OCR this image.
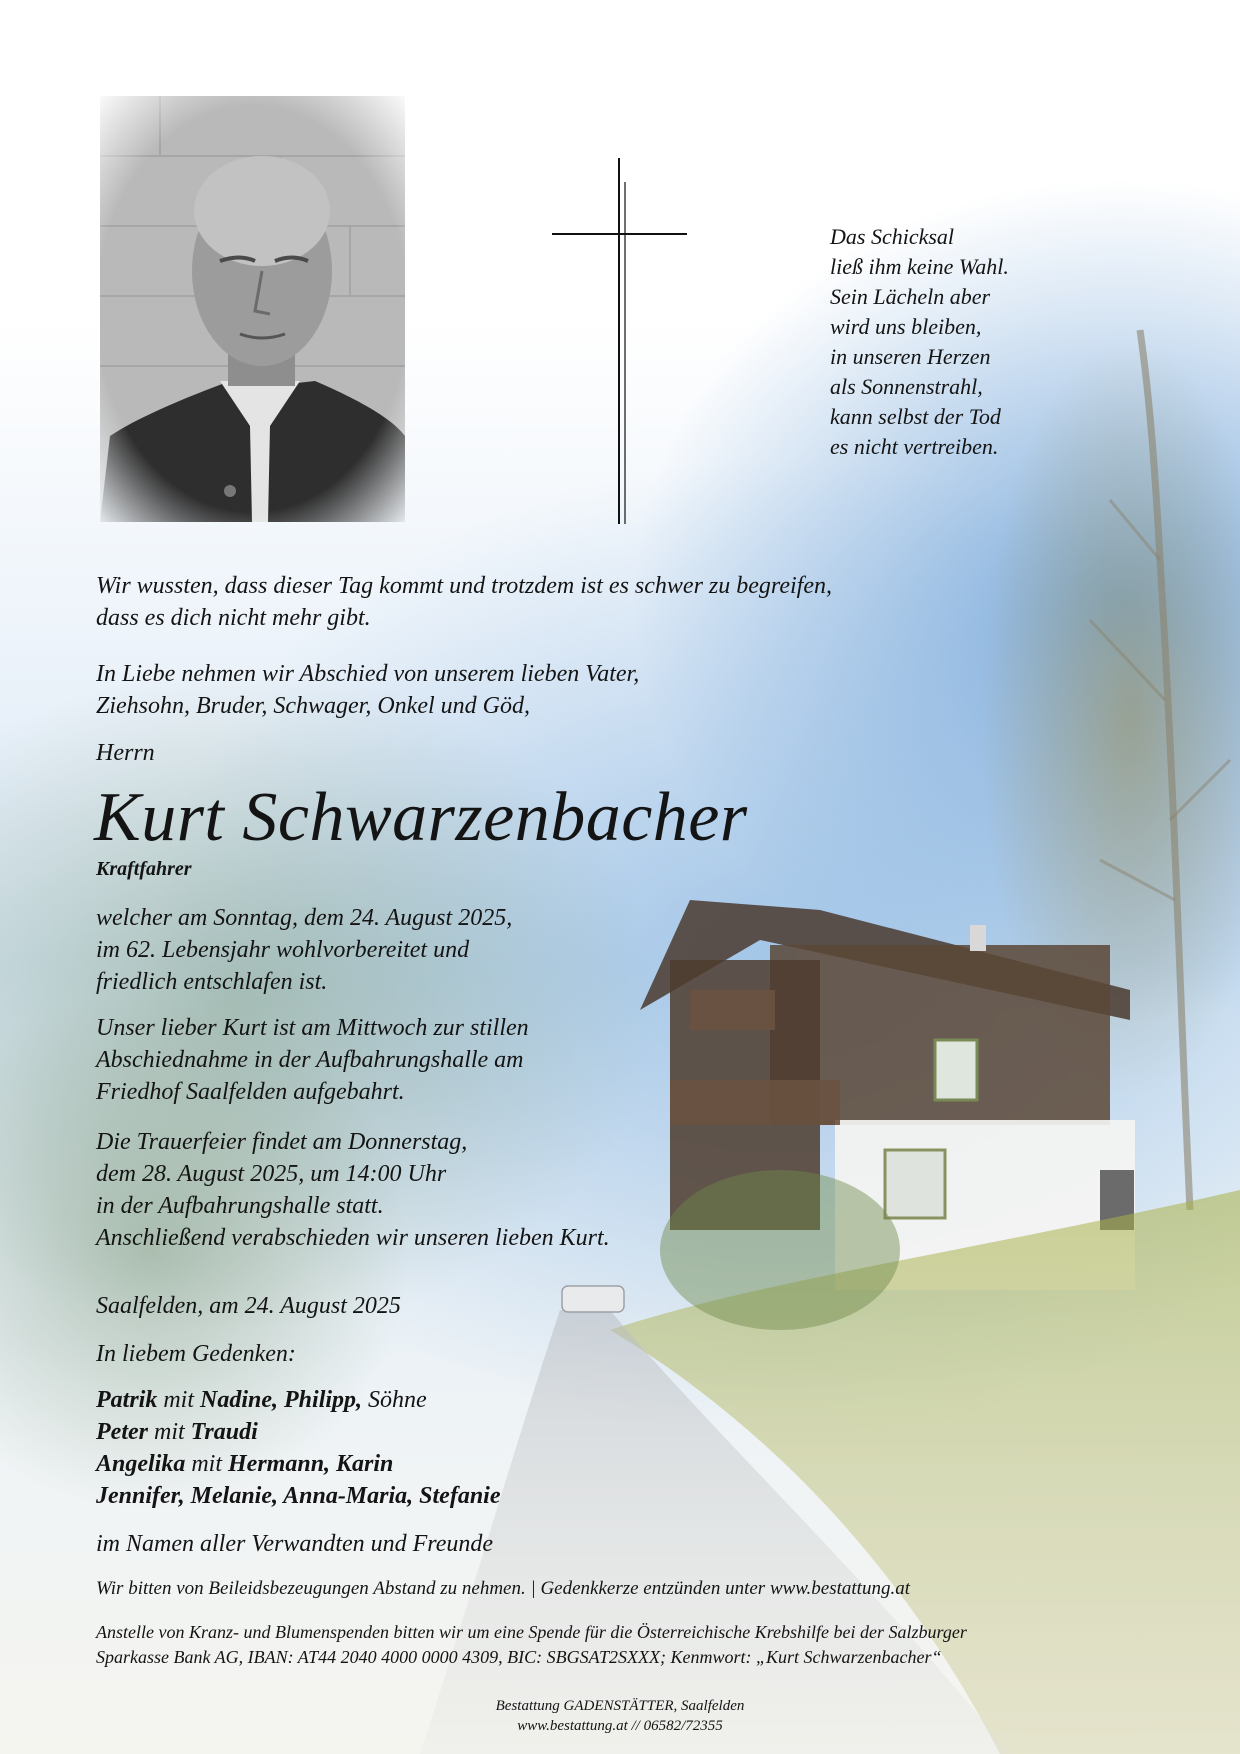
Das Schicksal
ließ ihm keine Wahl.
Sein Lächeln aber
wird uns bleiben,
in unseren Herzen
als Sonnenstrahl,
kann selbst der Tod
es nicht vertreiben.
Wir wussten, dass dieser Tag kommt und trotzdem ist es schwer zu begreifen,
dass es dich nicht mehr gibt.
In Liebe nehmen wir Abschied von unserem lieben Vater,
Ziehsohn, Bruder, Schwager, Onkel und Göd,
Herrn
Kurt Schwarzenbacher
Kraftfahrer
welcher am Sonntag, dem 24. August 2025,
im 62. Lebensjahr wohlvorbereitet und
friedlich entschlafen ist.
Unser lieber Kurt ist am Mittwoch zur stillen
Abschiednahme in der Aufbahrungshalle am
Friedhof Saalfelden aufgebahrt.
Die Trauerfeier findet am Donnerstag,
dem 28. August 2025, um 14:00 Uhr
in der Aufbahrungshalle statt.
Anschließend verabschieden wir unseren lieben Kurt.
Saalfelden, am 24. August 2025
In liebem Gedenken:
Patrik mit Nadine, Philipp, Söhne
Peter mit Traudi
Angelika mit Hermann, Karin
Jennifer, Melanie, Anna-Maria, Stefanie
im Namen aller Verwandten und Freunde
Wir bitten von Beileidsbezeugungen Abstand zu nehmen. | Gedenkkerze entzünden unter www.bestattung.at
Anstelle von Kranz- und Blumenspenden bitten wir um eine Spende für die Österreichische Krebshilfe bei der Salzburger
Sparkasse Bank AG, IBAN: AT44 2040 4000 0000 4309, BIC: SBGSAT2SXXX; Kenmwort: „Kurt Schwarzenbacher“
Bestattung GADENSTÄTTER, Saalfelden
www.bestattung.at // 06582/72355
